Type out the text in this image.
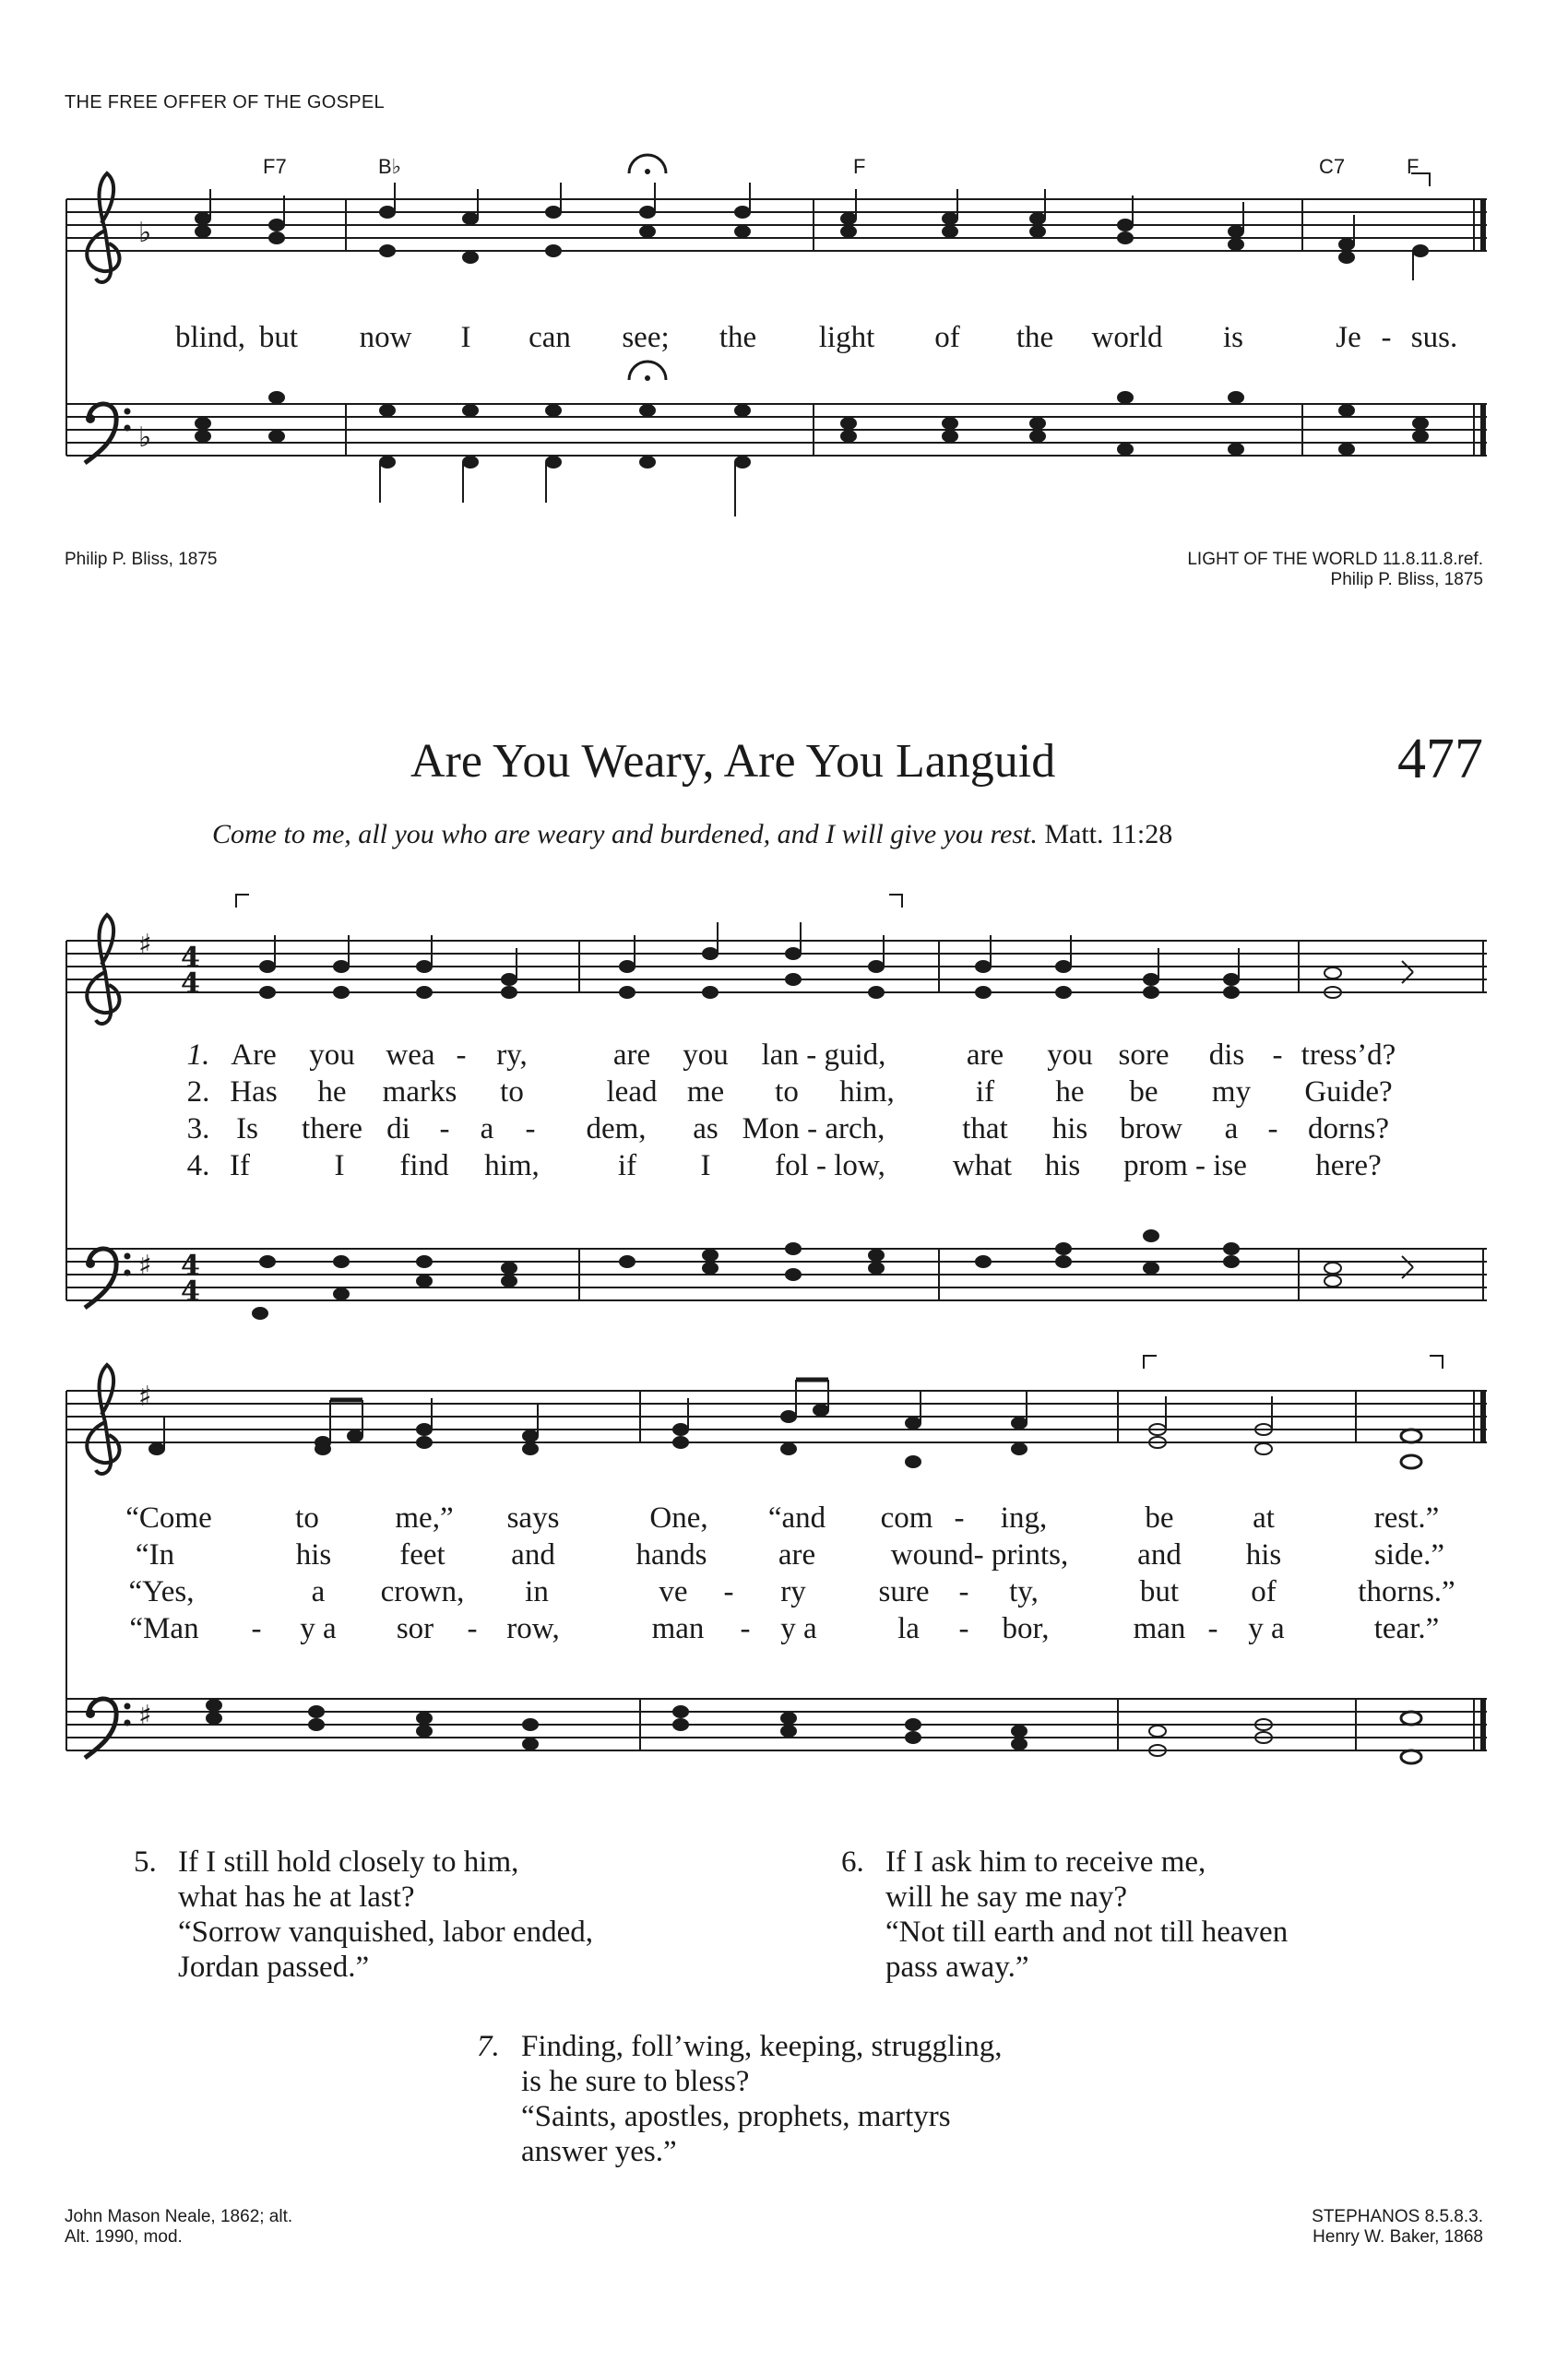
THE FREE OFFER OF THE GOSPEL
F7	B♭	F	C7	F
blind, but now I can see; the light of the world is	Je - sus.
Philip P. Bliss, 1875	LIGHT OF THE WORLD 11.8.11.8.ref.
Philip P. Bliss, 1875
Are You Weary, Are You Languid	477
Come to me, all you who are weary and burdened, and I will give you rest. Matt. 11:28
♭
♭
♯
♯
♯
♯
4
4
4
4
1. Are you wea - ry,	are you lan - guid,	are you sore dis - tress’d?
2. Has he marks to	lead me to him,	if he be my Guide?
3. Is there di - a - dem, as Mon - arch,	that his brow a - dorns?
4. If	I find him,	if I fol - low, what his prom - ise here?
“Come	to	me,” says	One, “and com - ing,	be	at	rest.”
“In	his feet and	hands are wound- prints, and his	side.”
“Yes,	a crown, in	ve - ry sure - ty,	but of	thorns.”
“Man - y a sor - row,	man - y a	la - bor,	man - y a	tear.”
5. If I still hold closely to him,
what has he at last?
“Sorrow vanquished, labor ended,
Jordan passed.”
6. If I ask him to receive me,
will he say me nay?
“Not till earth and not till heaven
pass away.”
7. Finding, foll’wing, keeping, struggling,
is he sure to bless?
“Saints, apostles, prophets, martyrs
answer yes.”
John Mason Neale, 1862; alt.
Alt. 1990, mod.
STEPHANOS 8.5.8.3.
Henry W. Baker, 1868
